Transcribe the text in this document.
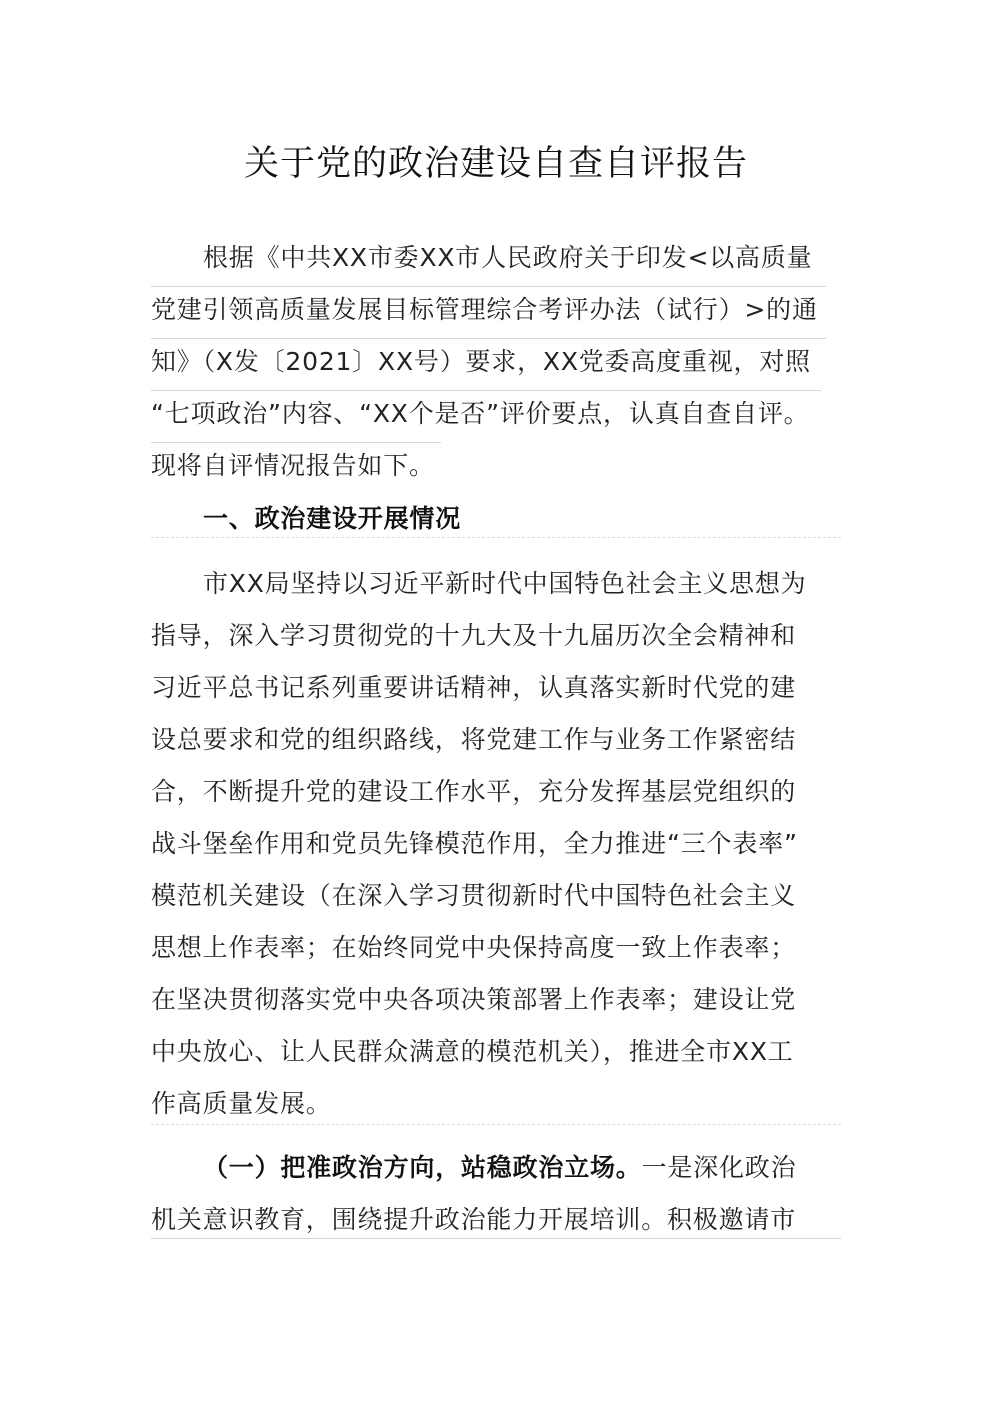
关于党的政治建设自查自评报告
根据《中共XX市委XX市人民政府关于印发<以高质量
党建引领高质量发展目标管理综合考评办法（试行）>的通
知》（X发〔2021〕XX号）要求，XX党委高度重视，对照
“七项政治”内容、“XX个是否”评价要点，认真自查自评。
现将自评情况报告如下。
一、政治建设开展情况
市XX局坚持以习近平新时代中国特色社会主义思想为
指导，深入学习贯彻党的十九大及十九届历次全会精神和
习近平总书记系列重要讲话精神，认真落实新时代党的建
设总要求和党的组织路线，将党建工作与业务工作紧密结
合，不断提升党的建设工作水平，充分发挥基层党组织的
战斗堡垒作用和党员先锋模范作用，全力推进“三个表率”
模范机关建设（在深入学习贯彻新时代中国特色社会主义
思想上作表率；在始终同党中央保持高度一致上作表率；
在坚决贯彻落实党中央各项决策部署上作表率；建设让党
中央放心、让人民群众满意的模范机关），推进全市XX工
作高质量发展。
（一）把准政治方向，站稳政治立场。一是深化政治
机关意识教育，围绕提升政治能力开展培训。积极邀请市
